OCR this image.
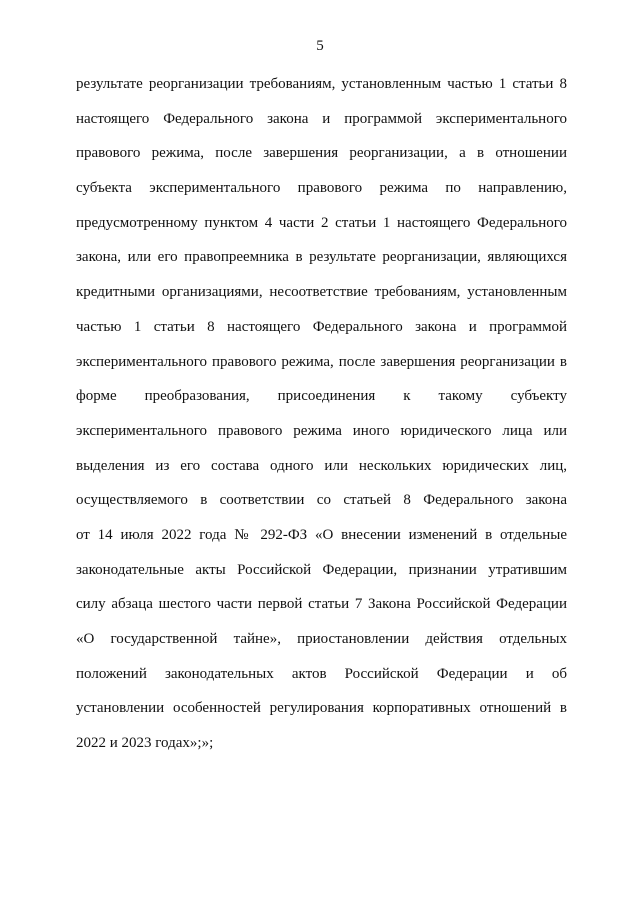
5
результате реорганизации требованиям, установленным частью 1 статьи 8
настоящего Федерального закона и программой экспериментального
правового режима, после завершения реорганизации, а в отношении
субъекта экспериментального правового режима по направлению,
предусмотренному пунктом 4 части 2 статьи 1 настоящего Федерального
закона, или его правопреемника в результате реорганизации, являющихся
кредитными организациями, несоответствие требованиям, установленным
частью 1 статьи 8 настоящего Федерального закона и программой
экспериментального правового режима, после завершения реорганизации в
форме преобразования, присоединения к такому субъекту
экспериментального правового режима иного юридического лица или
выделения из его состава одного или нескольких юридических лиц,
осуществляемого в соответствии со статьей 8 Федерального закона
от 14 июля 2022 года № 292-ФЗ «О внесении изменений в отдельные
законодательные акты Российской Федерации, признании утратившим
силу абзаца шестого части первой статьи 7 Закона Российской Федерации
«О государственной тайне», приостановлении действия отдельных
положений законодательных актов Российской Федерации и об
установлении особенностей регулирования корпоративных отношений в
2022 и 2023 годах»;»;
